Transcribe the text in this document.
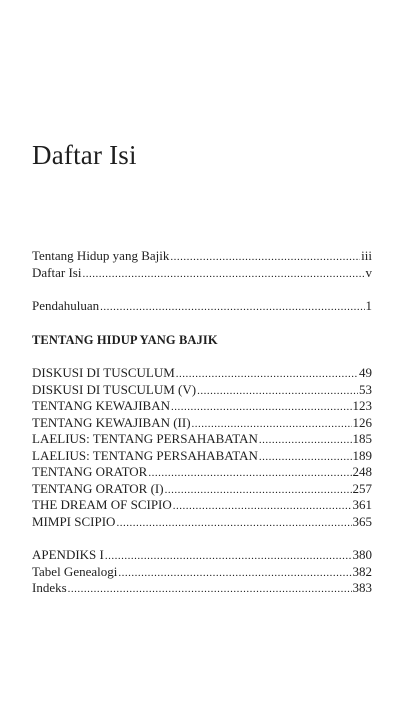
Daftar Isi
Tentang Hidup yang Bajik .....	iii
Daftar Isi .....	v
Pendahuluan .....	1
TENTANG HIDUP YANG BAJIK
DISKUSI DI TUSCULUM .....	49
DISKUSI DI TUSCULUM (V) .....	53
TENTANG KEWAJIBAN .....	123
TENTANG KEWAJIBAN (II) .....	126
LAELIUS: TENTANG PERSAHABATAN .....	185
LAELIUS: TENTANG PERSAHABATAN .....	189
TENTANG ORATOR .....	248
TENTANG ORATOR (I) .....	257
THE DREAM OF SCIPIO .....	361
MIMPI SCIPIO .....	365
APENDIKS I .....	380
Tabel Genealogi .....	382
Indeks .....	383
